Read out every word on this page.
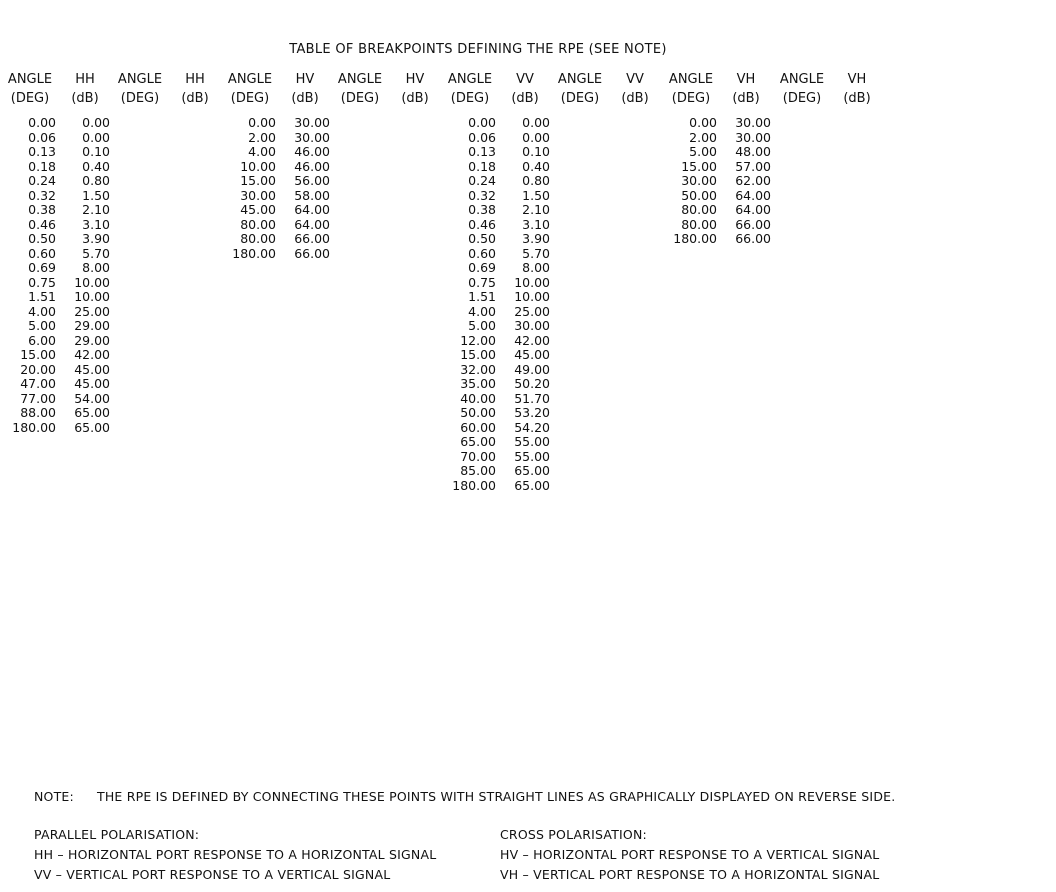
TABLE OF BREAKPOINTS DEFINING THE RPE (SEE NOTE)
ANGLE	HH
(DEG)	(dB)
0.00	0.00
0.06	0.00
0.13	0.10
0.18	0.40
0.24	0.80
0.32	1.50
0.38	2.10
0.46	3.10
0.50	3.90
0.60	5.70
0.69	8.00
0.75	10.00
1.51	10.00
4.00	25.00
5.00	29.00
6.00	29.00
15.00	42.00
20.00	45.00
47.00	45.00
77.00	54.00
88.00	65.00
180.00	65.00
ANGLE	HH
(DEG)	(dB)
ANGLE	HV
(DEG)	(dB)
0.00	30.00
2.00	30.00
4.00	46.00
10.00	46.00
15.00	56.00
30.00	58.00
45.00	64.00
80.00	64.00
80.00	66.00
180.00	66.00
ANGLE	HV
(DEG)	(dB)
ANGLE	VV
(DEG)	(dB)
0.00	0.00
0.06	0.00
0.13	0.10
0.18	0.40
0.24	0.80
0.32	1.50
0.38	2.10
0.46	3.10
0.50	3.90
0.60	5.70
0.69	8.00
0.75	10.00
1.51	10.00
4.00	25.00
5.00	30.00
12.00	42.00
15.00	45.00
32.00	49.00
35.00	50.20
40.00	51.70
50.00	53.20
60.00	54.20
65.00	55.00
70.00	55.00
85.00	65.00
180.00	65.00
ANGLE	VV
(DEG)	(dB)
ANGLE	VH
(DEG)	(dB)
0.00	30.00
2.00	30.00
5.00	48.00
15.00	57.00
30.00	62.00
50.00	64.00
80.00	64.00
80.00	66.00
180.00	66.00
ANGLE	VH
(DEG)	(dB)
NOTE: THE RPE IS DEFINED BY CONNECTING THESE POINTS WITH STRAIGHT LINES AS GRAPHICALLY DISPLAYED ON REVERSE SIDE.
PARALLEL POLARISATION:
HH – HORIZONTAL PORT RESPONSE TO A HORIZONTAL SIGNAL
VV – VERTICAL PORT RESPONSE TO A VERTICAL SIGNAL
CROSS POLARISATION:
HV – HORIZONTAL PORT RESPONSE TO A VERTICAL SIGNAL
VH – VERTICAL PORT RESPONSE TO A HORIZONTAL SIGNAL
